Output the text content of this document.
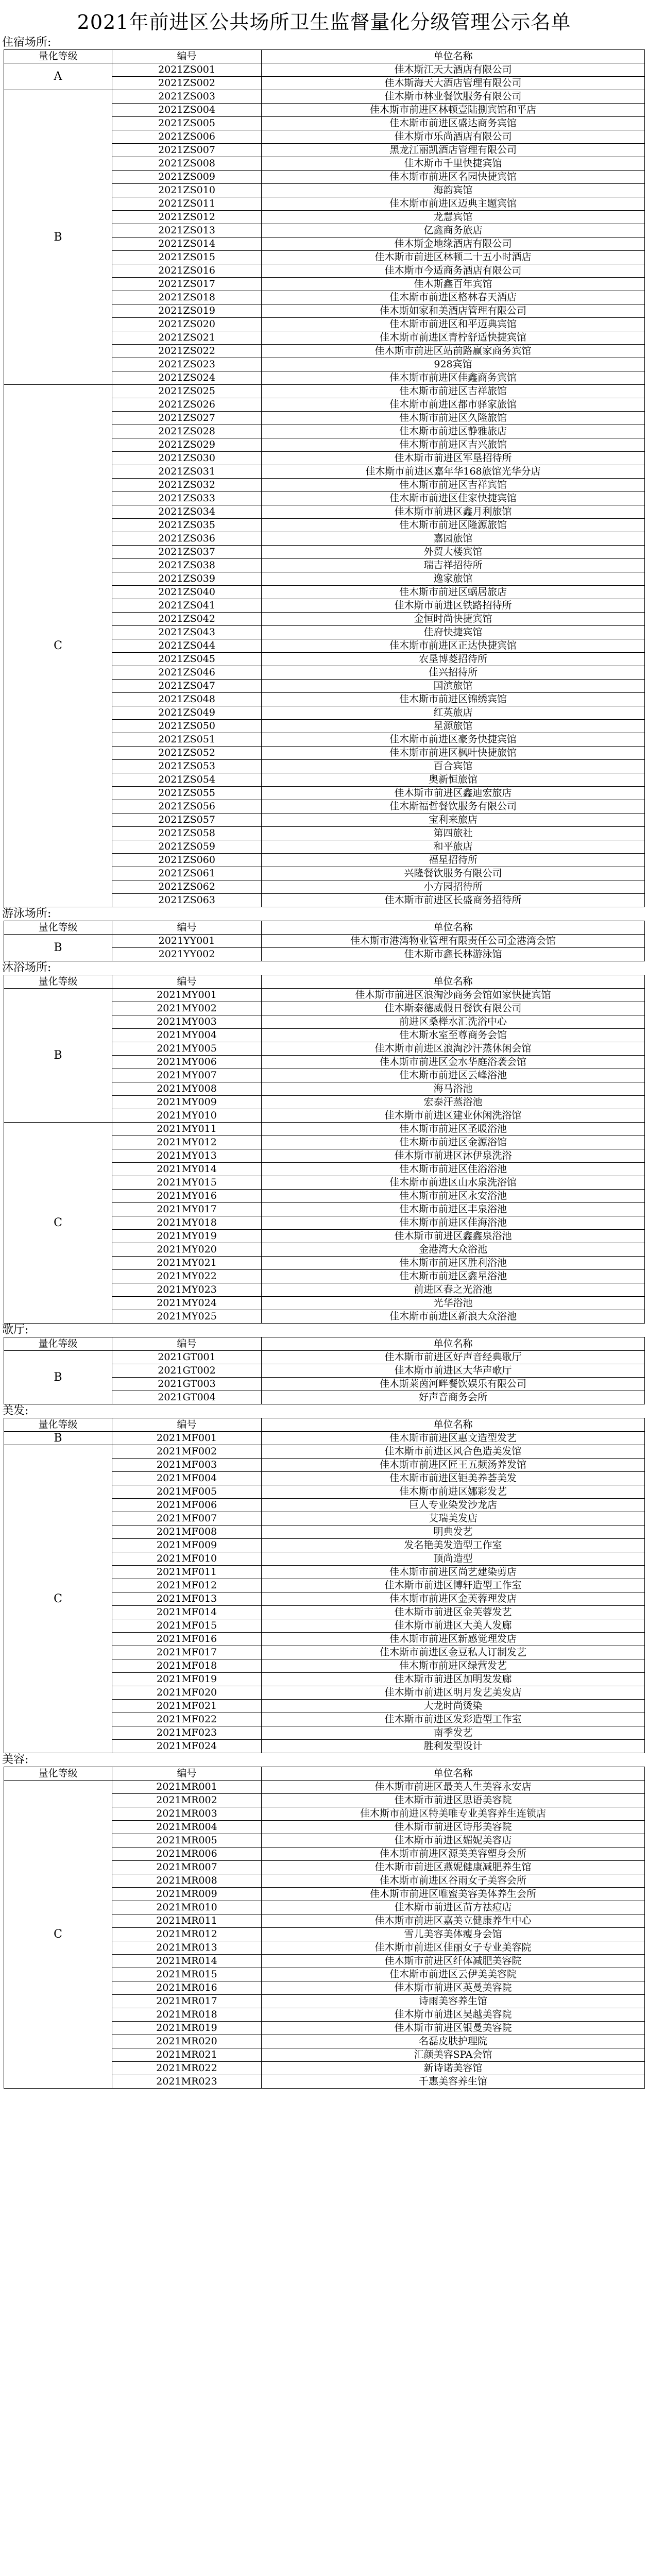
2021年前进区公共场所卫生监督量化分级管理公示名单
住宿场所:
量化等级	编号	单位名称
A	2021ZS001	佳木斯江天大酒店有限公司
	2021ZS002	佳木斯海天大酒店管理有限公司
B	2021ZS003	佳木斯市林业餐饮服务有限公司
	2021ZS004	佳木斯市前进区林顿壹陆捌宾馆和平店
	2021ZS005	佳木斯市前进区盛达商务宾馆
	2021ZS006	佳木斯市乐尚酒店有限公司
	2021ZS007	黑龙江丽凯酒店管理有限公司
	2021ZS008	佳木斯市千里快捷宾馆
	2021ZS009	佳木斯市前进区名园快捷宾馆
	2021ZS010	海韵宾馆
	2021ZS011	佳木斯市前进区迈典主题宾馆
	2021ZS012	龙慧宾馆
	2021ZS013	亿鑫商务旅店
	2021ZS014	佳木斯金地缘酒店有限公司
	2021ZS015	佳木斯市前进区林顿二十五小时酒店
	2021ZS016	佳木斯市今适商务酒店有限公司
	2021ZS017	佳木斯鑫百年宾馆
	2021ZS018	佳木斯市前进区格林春天酒店
	2021ZS019	佳木斯如家和美酒店管理有限公司
	2021ZS020	佳木斯市前进区和平迈典宾馆
	2021ZS021	佳木斯市前进区青柠舒适快捷宾馆
	2021ZS022	佳木斯市前进区站前路赢家商务宾馆
	2021ZS023	928宾馆
	2021ZS024	佳木斯市前进区佳鑫商务宾馆
C	2021ZS025	佳木斯市前进区吉祥旅馆
	2021ZS026	佳木斯市前进区都市驿家旅馆
	2021ZS027	佳木斯市前进区久隆旅馆
	2021ZS028	佳木斯市前进区静雅旅店
	2021ZS029	佳木斯市前进区吉兴旅馆
	2021ZS030	佳木斯市前进区军垦招待所
	2021ZS031	佳木斯市前进区嘉年华168旅馆光华分店
	2021ZS032	佳木斯市前进区吉祥宾馆
	2021ZS033	佳木斯市前进区佳家快捷宾馆
	2021ZS034	佳木斯市前进区鑫月利旅馆
	2021ZS035	佳木斯市前进区隆源旅馆
	2021ZS036	嘉园旅馆
	2021ZS037	外贸大楼宾馆
	2021ZS038	瑞吉祥招待所
	2021ZS039	逸家旅馆
	2021ZS040	佳木斯市前进区蜗居旅店
	2021ZS041	佳木斯市前进区铁路招待所
	2021ZS042	金恒时尚快捷宾馆
	2021ZS043	佳府快捷宾馆
	2021ZS044	佳木斯市前进区正达快捷宾馆
	2021ZS045	农垦博菱招待所
	2021ZS046	佳兴招待所
	2021ZS047	国滨旅馆
	2021ZS048	佳木斯市前进区锦绣宾馆
	2021ZS049	红英旅店
	2021ZS050	星源旅馆
	2021ZS051	佳木斯市前进区豪务快捷宾馆
	2021ZS052	佳木斯市前进区枫叶快捷旅馆
	2021ZS053	百合宾馆
	2021ZS054	奥新恒旅馆
	2021ZS055	佳木斯市前进区鑫迪宏旅店
	2021ZS056	佳木斯福哲餐饮服务有限公司
	2021ZS057	宝利来旅店
	2021ZS058	第四旅社
	2021ZS059	和平旅店
	2021ZS060	福星招待所
	2021ZS061	兴隆餐饮服务有限公司
	2021ZS062	小方园招待所
	2021ZS063	佳木斯市前进区长盛商务招待所
游泳场所:
量化等级	编号	单位名称
B	2021YY001	佳木斯市港湾物业管理有限责任公司金港湾会馆
	2021YY002	佳木斯市鑫长林游泳馆
沐浴场所:
量化等级	编号	单位名称
B	2021MY001	佳木斯市前进区浪淘沙商务会馆如家快捷宾馆
	2021MY002	佳木斯泰德威假日餐饮有限公司
	2021MY003	前进区桑榉水汇洗浴中心
	2021MY004	佳木斯水室至尊商务会馆
	2021MY005	佳木斯市前进区浪淘沙汗蒸休闲会馆
	2021MY006	佳木斯市前进区金水华庭浴袭会馆
	2021MY007	佳木斯市前进区云峰浴池
	2021MY008	海马浴池
	2021MY009	宏泰汗蒸浴池
	2021MY010	佳木斯市前进区建业休闲洗浴馆
C	2021MY011	佳木斯市前进区圣暖浴池
	2021MY012	佳木斯市前进区金源浴馆
	2021MY013	佳木斯市前进区沐伊泉洗浴
	2021MY014	佳木斯市前进区佳浴浴池
	2021MY015	佳木斯市前进区山水泉洗浴馆
	2021MY016	佳木斯市前进区永安浴池
	2021MY017	佳木斯市前进区丰泉浴池
	2021MY018	佳木斯市前进区佳海浴池
	2021MY019	佳木斯市前进区鑫鑫泉浴池
	2021MY020	金港湾大众浴池
	2021MY021	佳木斯市前进区胜利浴池
	2021MY022	佳木斯市前进区鑫星浴池
	2021MY023	前进区春之光浴池
	2021MY024	光华浴池
	2021MY025	佳木斯市前进区新浪大众浴池
歌厅:
量化等级	编号	单位名称
B	2021GT001	佳木斯市前进区好声音经典歌厅
	2021GT002	佳木斯市前进区大华声歌厅
	2021GT003	佳木斯莱茵河畔餐饮娱乐有限公司
	2021GT004	好声音商务会所
美发:
量化等级	编号	单位名称
B	2021MF001	佳木斯市前进区惠文造型发艺
C	2021MF002	佳木斯市前进区风合色造美发馆
	2021MF003	佳木斯市前进区匠王五频汤养发馆
	2021MF004	佳木斯市前进区钜美养荟美发
	2021MF005	佳木斯市前进区娜彩发艺
	2021MF006	巨人专业染发沙龙店
	2021MF007	艾瑞美发店
	2021MF008	明典发艺
	2021MF009	发名艳美发造型工作室
	2021MF010	顶尚造型
	2021MF011	佳木斯市前进区尚艺建染剪店
	2021MF012	佳木斯市前进区博轩造型工作室
	2021MF013	佳木斯市前进区金芙蓉理发店
	2021MF014	佳木斯市前进区金芙蓉发艺
	2021MF015	佳木斯市前进区大美人发廊
	2021MF016	佳木斯市前进区新感觉理发店
	2021MF017	佳木斯市前进区金豆私人订制发艺
	2021MF018	佳木斯市前进区绿营发艺
	2021MF019	佳木斯市前进区加明发发廊
	2021MF020	佳木斯市前进区明月发艺美发店
	2021MF021	大龙时尚烫染
	2021MF022	佳木斯市前进区发彩造型工作室
	2021MF023	南季发艺
	2021MF024	胜利发型设计
美容:
量化等级	编号	单位名称
C	2021MR001	佳木斯市前进区最美人生美容永安店
	2021MR002	佳木斯市前进区思语美容院
	2021MR003	佳木斯市前进区特美唯专业美容养生连锁店
	2021MR004	佳木斯市前进区诗彤美容院
	2021MR005	佳木斯市前进区媚妮美容店
	2021MR006	佳木斯市前进区源美美容塑身会所
	2021MR007	佳木斯市前进区燕妮健康减肥养生馆
	2021MR008	佳木斯市前进区谷雨女子美容会所
	2021MR009	佳木斯市前进区唯蜜美容美体养生会所
	2021MR010	佳木斯市前进区苗方祛痘店
	2021MR011	佳木斯市前进区嘉美立健康养生中心
	2021MR012	雪儿美容美体瘦身会馆
	2021MR013	佳木斯市前进区佳丽女子专业美容院
	2021MR014	佳木斯市前进区纤体减肥美容院
	2021MR015	佳木斯市前进区云伊美美容院
	2021MR016	佳木斯市前进区英曼美容院
	2021MR017	诗雨美容养生馆
	2021MR018	佳木斯市前进区吴越美容院
	2021MR019	佳木斯市前进区银曼美容院
	2021MR020	名磊皮肤护理院
	2021MR021	汇颜美容SPA会馆
	2021MR022	新诗诺美容馆
	2021MR023	千惠美容养生馆
